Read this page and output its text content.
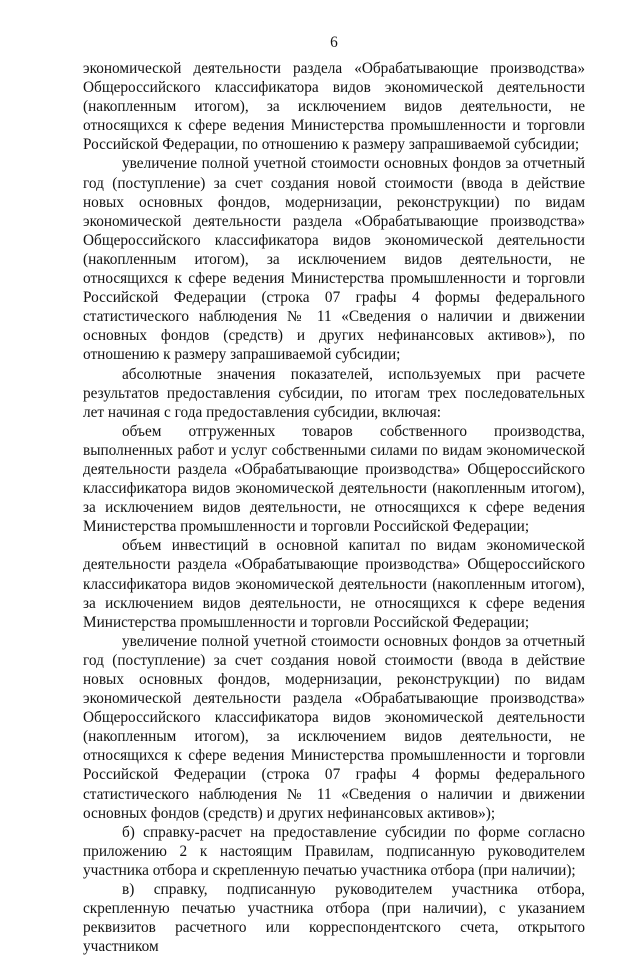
6

экономической деятельности раздела «Обрабатывающие производства» Общероссийского классификатора видов экономической деятельности (накопленным итогом), за исключением видов деятельности, не относящихся к сфере ведения Министерства промышленности и торговли Российской Федерации, по отношению к размеру запрашиваемой субсидии;

увеличение полной учетной стоимости основных фондов за отчетный год (поступление) за счет создания новой стоимости (ввода в действие новых основных фондов, модернизации, реконструкции) по видам экономической деятельности раздела «Обрабатывающие производства» Общероссийского классификатора видов экономической деятельности (накопленным итогом), за исключением видов деятельности, не относящихся к сфере ведения Министерства промышленности и торговли Российской Федерации (строка 07 графы 4 формы федерального статистического наблюдения № 11 «Сведения о наличии и движении основных фондов (средств) и других нефинансовых активов»), по отношению к размеру запрашиваемой субсидии;

абсолютные значения показателей, используемых при расчете результатов предоставления субсидии, по итогам трех последовательных лет начиная с года предоставления субсидии, включая:

объем отгруженных товаров собственного производства, выполненных работ и услуг собственными силами по видам экономической деятельности раздела «Обрабатывающие производства» Общероссийского классификатора видов экономической деятельности (накопленным итогом), за исключением видов деятельности, не относящихся к сфере ведения Министерства промышленности и торговли Российской Федерации;

объем инвестиций в основной капитал по видам экономической деятельности раздела «Обрабатывающие производства» Общероссийского классификатора видов экономической деятельности (накопленным итогом), за исключением видов деятельности, не относящихся к сфере ведения Министерства промышленности и торговли Российской Федерации;

увеличение полной учетной стоимости основных фондов за отчетный год (поступление) за счет создания новой стоимости (ввода в действие новых основных фондов, модернизации, реконструкции) по видам экономической деятельности раздела «Обрабатывающие производства» Общероссийского классификатора видов экономической деятельности (накопленным итогом), за исключением видов деятельности, не относящихся к сфере ведения Министерства промышленности и торговли Российской Федерации (строка 07 графы 4 формы федерального статистического наблюдения № 11 «Сведения о наличии и движении основных фондов (средств) и других нефинансовых активов»);

б) справку-расчет на предоставление субсидии по форме согласно приложению 2 к настоящим Правилам, подписанную руководителем участника отбора и скрепленную печатью участника отбора (при наличии);

в) справку, подписанную руководителем участника отбора, скрепленную печатью участника отбора (при наличии), с указанием реквизитов расчетного или корреспондентского счета, открытого участником
